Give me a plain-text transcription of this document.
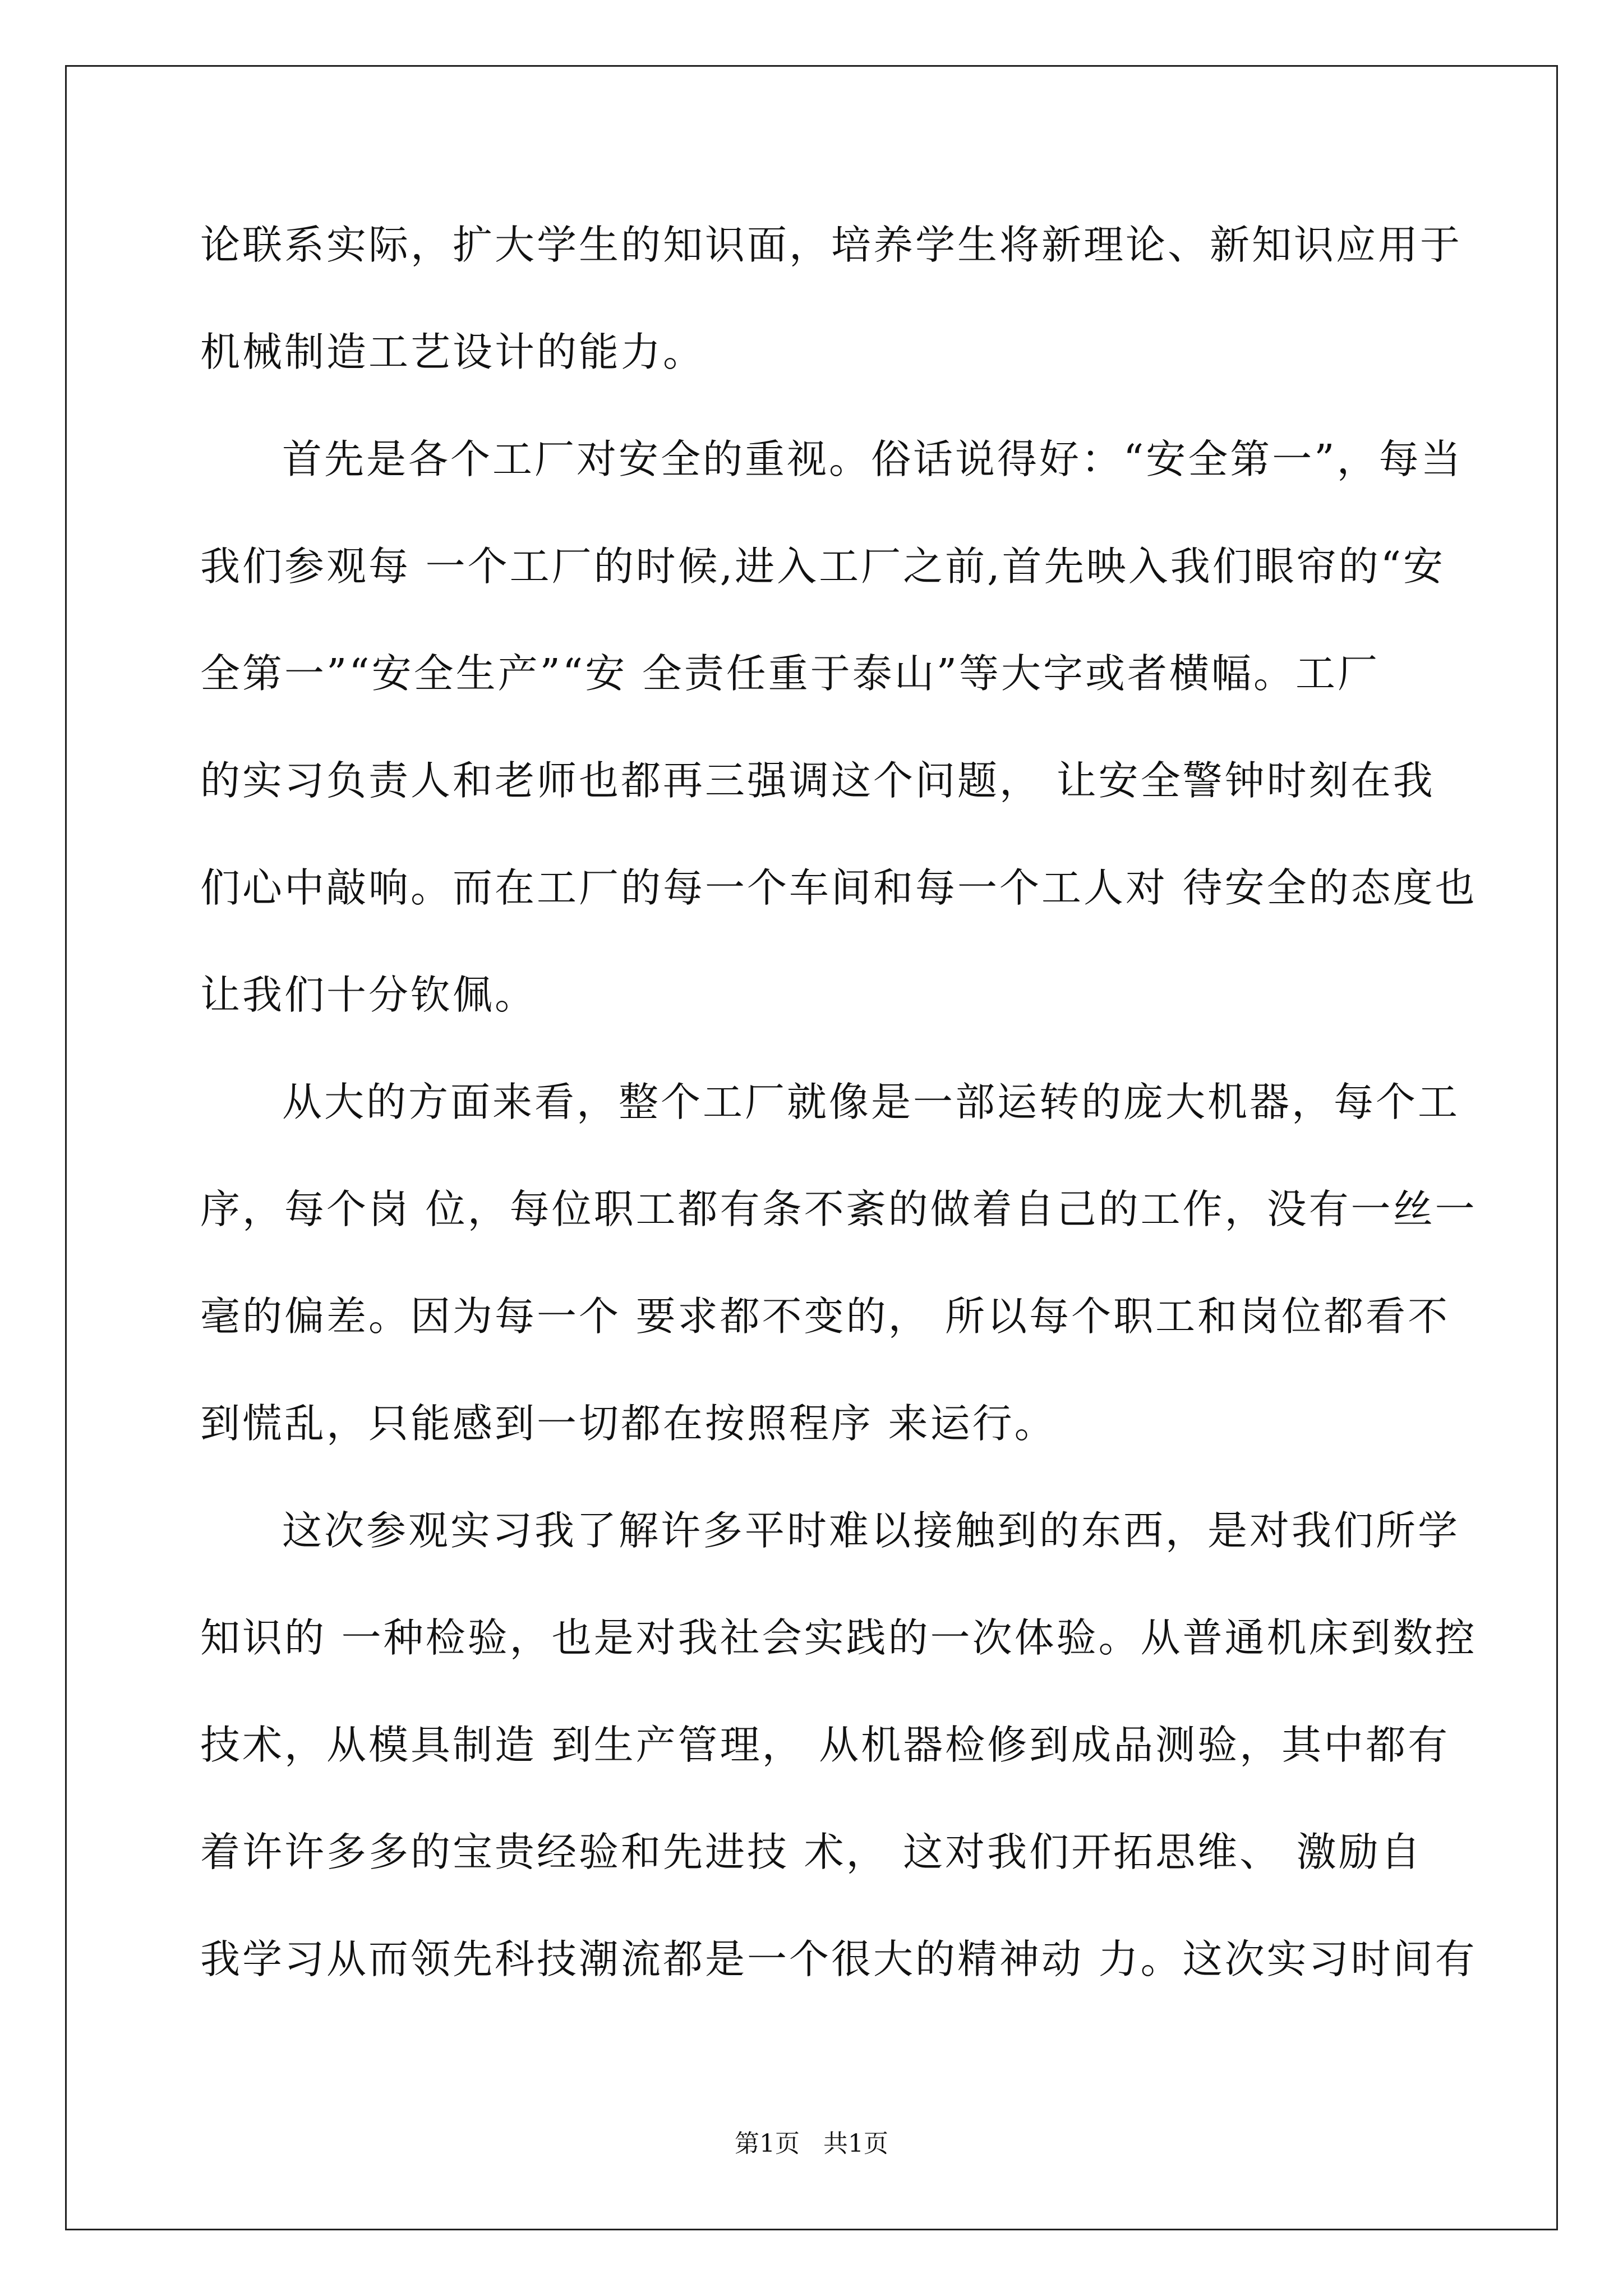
论联系实际，扩大学生的知识面，培养学生将新理论、新知识应用于
机械制造工艺设计的能力。
首先是各个工厂对安全的重视。俗话说得好：“安全第一”，每当
我们参观每 一个工厂的时候,进入工厂之前,首先映入我们眼帘的“安
全第一”“安全生产”“安 全责任重于泰山”等大字或者横幅。工厂
的实习负责人和老师也都再三强调这个问题， 让安全警钟时刻在我
们心中敲响。而在工厂的每一个车间和每一个工人对 待安全的态度也
让我们十分钦佩。
从大的方面来看，整个工厂就像是一部运转的庞大机器，每个工
序，每个岗 位，每位职工都有条不紊的做着自己的工作，没有一丝一
毫的偏差。因为每一个 要求都不变的， 所以每个职工和岗位都看不
到慌乱，只能感到一切都在按照程序 来运行。
这次参观实习我了解许多平时难以接触到的东西，是对我们所学
知识的 一种检验，也是对我社会实践的一次体验。从普通机床到数控
技术，从模具制造 到生产管理， 从机器检修到成品测验，其中都有
着许许多多的宝贵经验和先进技 术， 这对我们开拓思维、 激励自
我学习从而领先科技潮流都是一个很大的精神动 力。这次实习时间有
第1页   共1页
